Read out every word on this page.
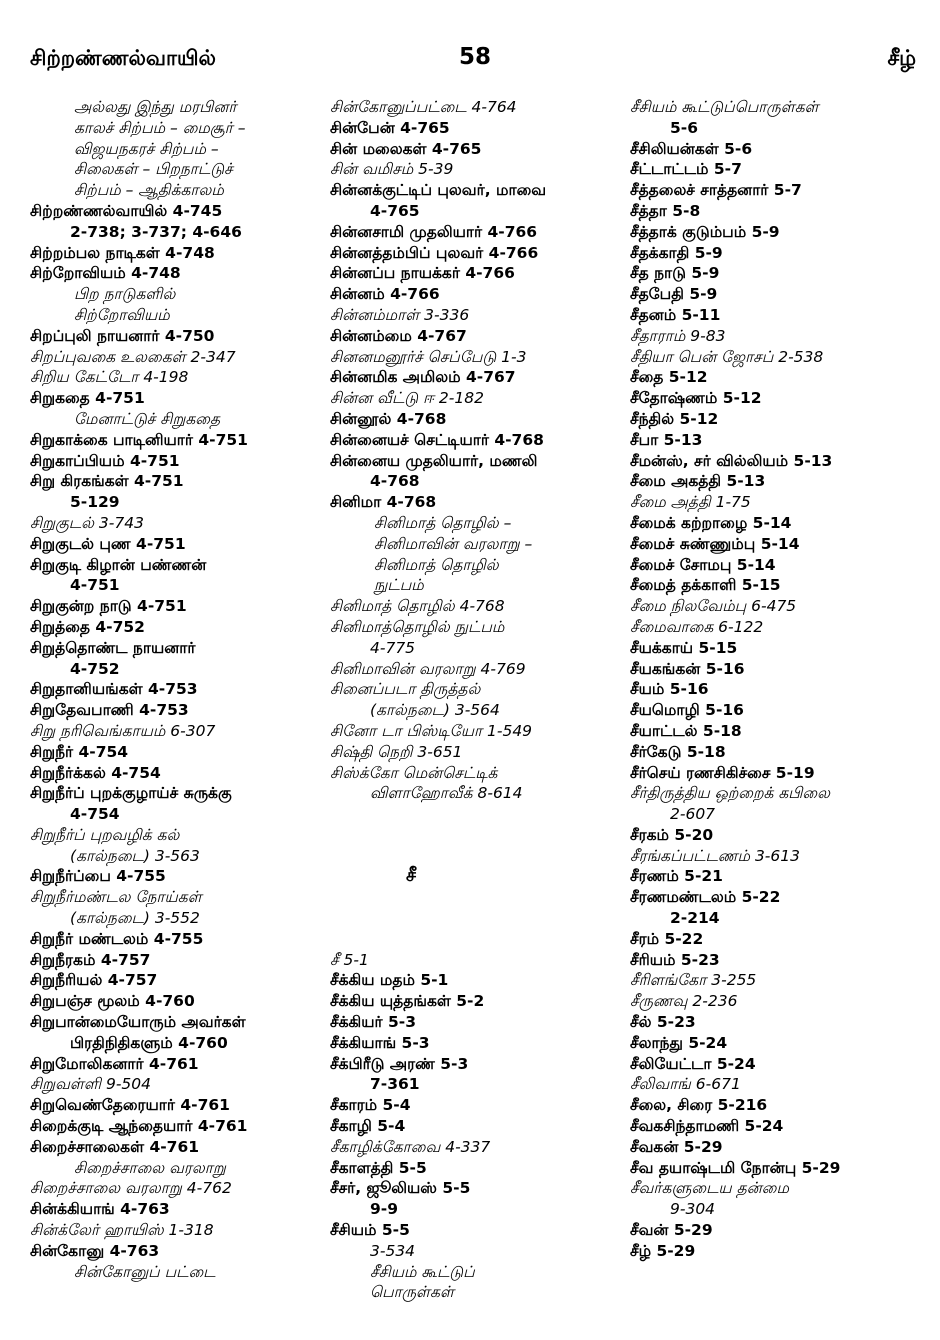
சிற்றண்ணல்வாயில்	58	சீழ்
அல்லது இந்து மரபினர்
காலச் சிற்பம் – மைசூர் –
விஜயநகரச் சிற்பம் –
சிலைகள் – பிறநாட்டுச்
சிற்பம் – ஆதிக்காலம்
சிற்றண்ணல்வாயில் 4-745
2-738; 3-737; 4-646
சிற்றம்பல நாடிகள் 4-748
சிற்றோவியம் 4-748
பிற நாடுகளில்
சிற்றோவியம்
சிறப்புலி நாயனார் 4-750
சிறப்புவகை உலகைள் 2-347
சிறிய கேட்டோ 4-198
சிறுகதை 4-751
மேனாட்டுச் சிறுகதை
சிறுகாக்கை பாடினியார் 4-751
சிறுகாப்பியம் 4-751
சிறு கிரகங்கள் 4-751
5-129
சிறுகுடல் 3-743
சிறுகுடல் புண 4-751
சிறுகுடி கிழான் பண்ணன்
4-751
சிறுகுன்ற நாடு 4-751
சிறுத்தை 4-752
சிறுத்தொண்ட நாயனார்
4-752
சிறுதானியங்கள் 4-753
சிறுதேவபாணி 4-753
சிறு நரிவெங்காயம் 6-307
சிறுநீர் 4-754
சிறுநீர்க்கல் 4-754
சிறுநீர்ப் புறக்குழாய்ச் சுருக்கு
4-754
சிறுநீர்ப் புறவழிக் கல்
(கால்நடை) 3-563
சிறுநீர்ப்பை 4-755
சிறுநீர்மண்டல நோய்கள்
(கால்நடை) 3-552
சிறுநீர் மண்டலம் 4-755
சிறுநீரகம் 4-757
சிறுநீரியல் 4-757
சிறுபஞ்ச மூலம் 4-760
சிறுபான்மையோரும் அவர்கள்
பிரதிநிதிகளும் 4-760
சிறுமோலிகனார் 4-761
சிறுவள்ளி 9-504
சிறுவெண்தேரையார் 4-761
சிறைக்குடி ஆந்தையார் 4-761
சிறைச்சாலைகள் 4-761
சிறைச்சாலை வரலாறு
சிறைச்சாலை வரலாறு 4-762
சின்க்கியாங் 4-763
சின்க்லேர் ஹாயிஸ் 1-318
சின்கோனு 4-763
சின்கோனுப் பட்டை
சின்கோனுப்பட்டை 4-764
சின்பேன் 4-765
சின் மலைகள் 4-765
சின் வமிசம் 5-39
சின்னக்குட்டிப் புலவர், மாவை
4-765
சின்னசாமி முதலியார் 4-766
சின்னத்தம்பிப் புலவர் 4-766
சின்னப்ப நாயக்கர் 4-766
சின்னம் 4-766
சின்னம்மாள் 3-336
சின்னம்மை 4-767
சினனமனூர்ச் செப்பேடு 1-3
சின்னமிக அமிலம் 4-767
சின்ன வீட்டு ஈ 2-182
சின்னூல் 4-768
சின்னையச் செட்டியார் 4-768
சின்னைய முதலியார், மணலி
4-768
சினிமா 4-768
சினிமாத் தொழில் –
சினிமாவின் வரலாறு –
சினிமாத் தொழில்
நுட்பம்
சினிமாத் தொழில் 4-768
சினிமாத்தொழில் நுட்பம்
4-775
சினிமாவின் வரலாறு 4-769
சினைப்படா திருத்தல்
(கால்நடை) 3-564
சினோ டா பிஸ்டியோ 1-549
சிஷ்தி நெறி 3-651
சிஸ்க்கோ மென்செட்டிக்
விளாஹோவீக் 8-614
சீ
சீ 5-1
சீக்கிய மதம் 5-1
சீக்கிய யுத்தங்கள் 5-2
சீக்கியர் 5-3
சீக்கியாங் 5-3
சீக்பிரீடு அரண் 5-3
7-361
சீகாரம் 5-4
சீகாழி 5-4
சீகாழிக்கோவை 4-337
சீகாளத்தி 5-5
சீசர், ஜூலியஸ் 5-5
9-9
சீசியம் 5-5
3-534
சீசியம் கூட்டுப்
பொருள்கள்
சீசியம் கூட்டுப்பொருள்கள்
5-6
சீசிலியன்கள் 5-6
சீட்டாட்டம் 5-7
சீத்தலைச் சாத்தனார் 5-7
சீத்தா 5-8
சீத்தாக் குடும்பம் 5-9
சீதக்காதி 5-9
சீத நாடு 5-9
சீதபேதி 5-9
சீதனம் 5-11
சீதாராம் 9-83
சீதியா பென் ஜோசப் 2-538
சீதை 5-12
சீதோஷ்ணம் 5-12
சீந்தில் 5-12
சீபா 5-13
சீமன்ஸ், சர் வில்லியம் 5-13
சீமை அகத்தி 5-13
சீமை அத்தி 1-75
சீமைக் கற்றாழை 5-14
சீமைச் சுண்ணும்பு 5-14
சீமைச் சோமபு 5-14
சீமைத் தக்காளி 5-15
சீமை நிலவேம்பு 6-475
சீமைவாகை 6-122
சீயக்காய் 5-15
சீயகங்கன் 5-16
சீயம் 5-16
சீயமொழி 5-16
சீயாட்டல் 5-18
சீர்கேடு 5-18
சீர்செய் ரணசிகிச்சை 5-19
சீர்திருத்திய ஒற்றைக் கபிலை
2-607
சீரகம் 5-20
சீரங்கப்பட்டணம் 3-613
சீரணம் 5-21
சீரணமண்டலம் 5-22
2-214
சீரம் 5-22
சீரியம் 5-23
சீரிளங்கோ 3-255
சீருணவு 2-236
சீல் 5-23
சீலாந்து 5-24
சீலியேட்டா 5-24
சீலிவாங் 6-671
சீலை, சிரை 5-216
சீவகசிந்தாமணி 5-24
சீவகன் 5-29
சீவ தயாஷ்டமி நோன்பு 5-29
சீவர்களுடைய தன்மை
9-304
சீவன் 5-29
சீழ் 5-29
